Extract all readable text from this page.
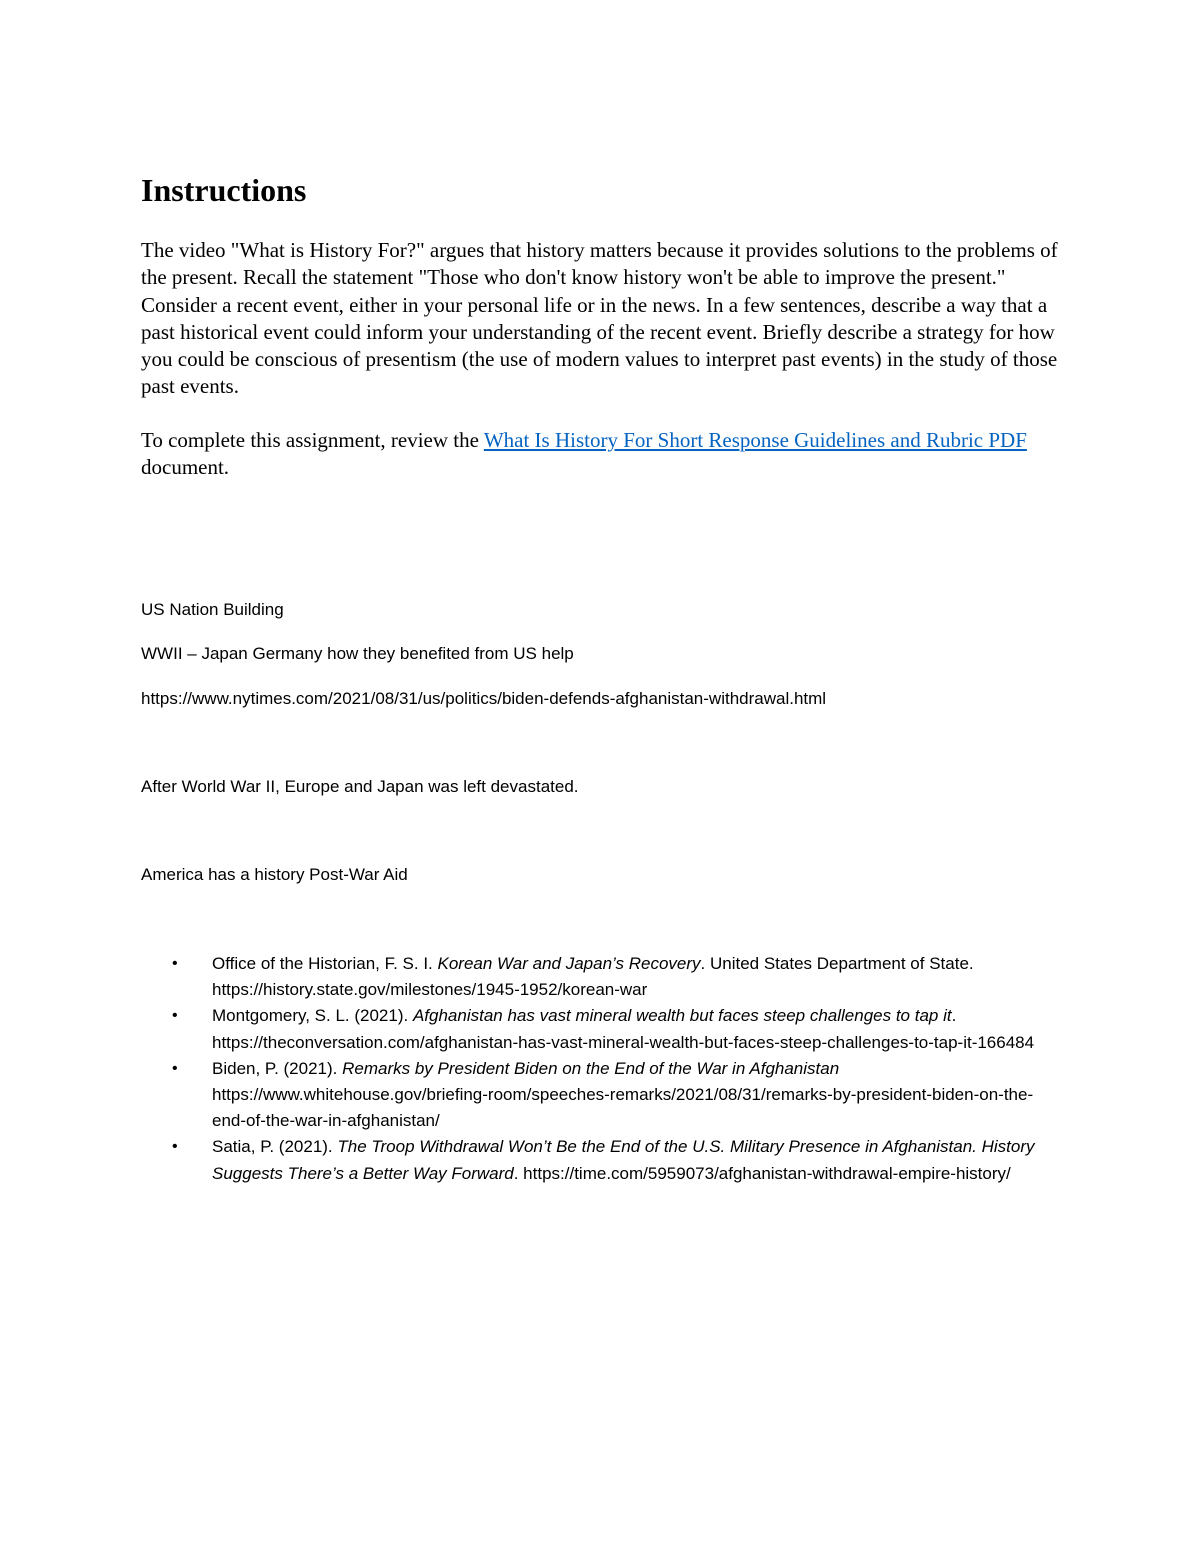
Instructions

The video "What is History For?" argues that history matters because it provides solutions to the problems of the present. Recall the statement "Those who don't know history won't be able to improve the present." Consider a recent event, either in your personal life or in the news. In a few sentences, describe a way that a past historical event could inform your understanding of the recent event. Briefly describe a strategy for how you could be conscious of presentism (the use of modern values to interpret past events) in the study of those past events.

To complete this assignment, review the What Is History For Short Response Guidelines and Rubric PDF document.

US Nation Building

WWII – Japan Germany how they benefited from US help

https://www.nytimes.com/2021/08/31/us/politics/biden-defends-afghanistan-withdrawal.html

After World War II, Europe and Japan was left devastated.

America has a history Post-War Aid

•	Office of the Historian, F. S. I. Korean War and Japan’s Recovery. United States Department of State. https://history.state.gov/milestones/1945-1952/korean-war
•	Montgomery, S. L. (2021). Afghanistan has vast mineral wealth but faces steep challenges to tap it. https://theconversation.com/afghanistan-has-vast-mineral-wealth-but-faces-steep-challenges-to-tap-it-166484
•	Biden, P. (2021). Remarks by President Biden on the End of the War in Afghanistan https://www.whitehouse.gov/briefing-room/speeches-remarks/2021/08/31/remarks-by-president-biden-on-the-end-of-the-war-in-afghanistan/
•	Satia, P. (2021). The Troop Withdrawal Won’t Be the End of the U.S. Military Presence in Afghanistan. History Suggests There’s a Better Way Forward. https://time.com/5959073/afghanistan-withdrawal-empire-history/
